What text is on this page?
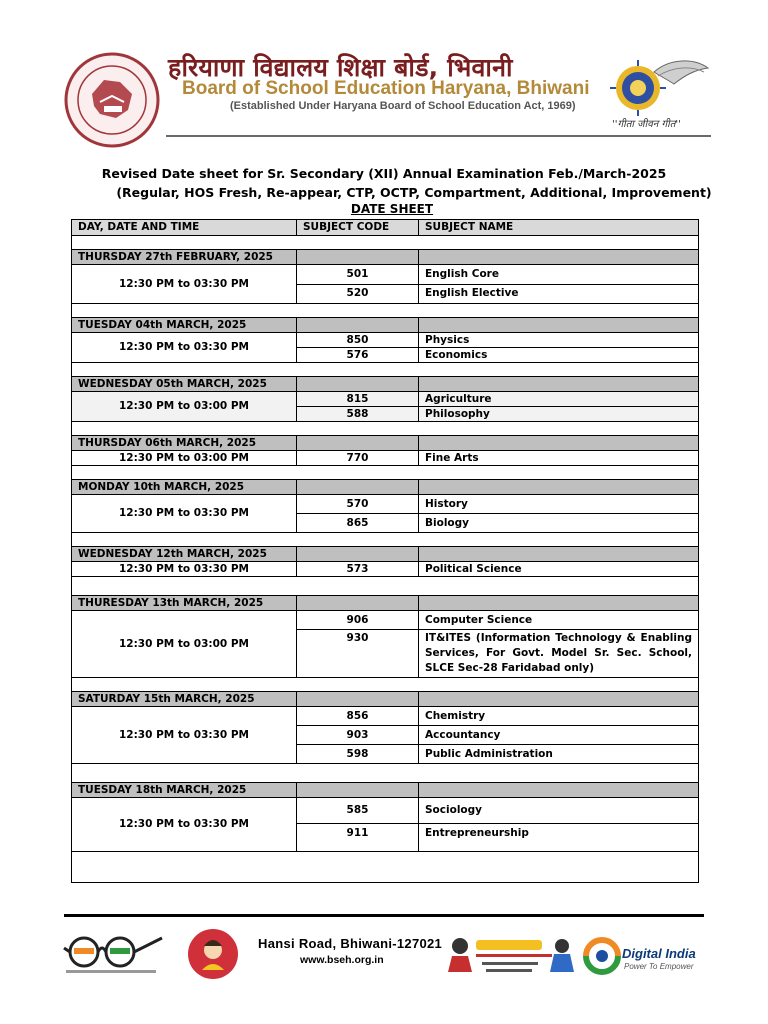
हरियाणा विद्यालय शिक्षा बोर्ड, भिवानी
Board of School Education Haryana, Bhiwani
(Established Under Haryana Board of School Education Act, 1969)
''गीता जीवन गीत''
Revised Date sheet for Sr. Secondary (XII) Annual Examination Feb./March-2025
(Regular, HOS Fresh, Re-appear, CTP, OCTP, Compartment, Additional, Improvement)
DATE SHEET
DAY, DATE AND TIME	SUBJECT CODE	SUBJECT NAME

THURSDAY 27th FEBRUARY, 2025		
12:30 PM to 03:30 PM	501	English Core
	520	English Elective

TUESDAY 04th MARCH, 2025		
12:30 PM to 03:30 PM	850	Physics
	576	Economics

WEDNESDAY 05th MARCH, 2025		
12:30 PM to 03:00 PM	815	Agriculture
	588	Philosophy

THURSDAY 06th MARCH, 2025		
12:30 PM to 03:00 PM	770	Fine Arts

MONDAY 10th MARCH, 2025		
12:30 PM to 03:30 PM	570	History
	865	Biology

WEDNESDAY 12th MARCH, 2025		
12:30 PM to 03:30 PM	573	Political Science

THURESDAY 13th MARCH, 2025		
12:30 PM to 03:00 PM	906	Computer Science
	930	IT&ITES (Information Technology & Enabling Services, For Govt. Model Sr. Sec. School, SLCE Sec-28 Faridabad only)

SATURDAY 15th MARCH, 2025		
12:30 PM to 03:30 PM	856	Chemistry
	903	Accountancy
	598	Public Administration

TUESDAY 18th MARCH, 2025		
12:30 PM to 03:30 PM	585	Sociology
	911	Entrepreneurship

Hansi Road, Bhiwani-127021
www.bseh.org.in	Digital India
Power To Empower
